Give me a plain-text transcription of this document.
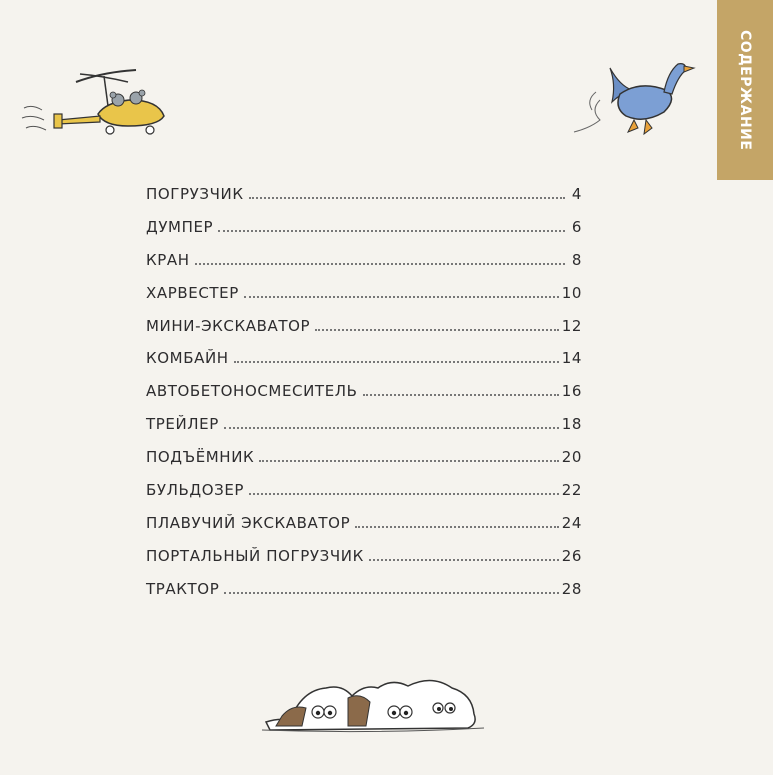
СОДЕРЖАНИЕ
ПОГРУЗЧИК	4
ДУМПЕР	6
КРАН	8
ХАРВЕСТЕР	10
МИНИ-ЭКСКАВАТОР	12
КОМБАЙН	14
АВТОБЕТОНОСМЕСИТЕЛЬ	16
ТРЕЙЛЕР	18
ПОДЪЁМНИК	20
БУЛЬДОЗЕР	22
ПЛАВУЧИЙ ЭКСКАВАТОР	24
ПОРТАЛЬНЫЙ ПОГРУЗЧИК	26
ТРАКТОР	28
